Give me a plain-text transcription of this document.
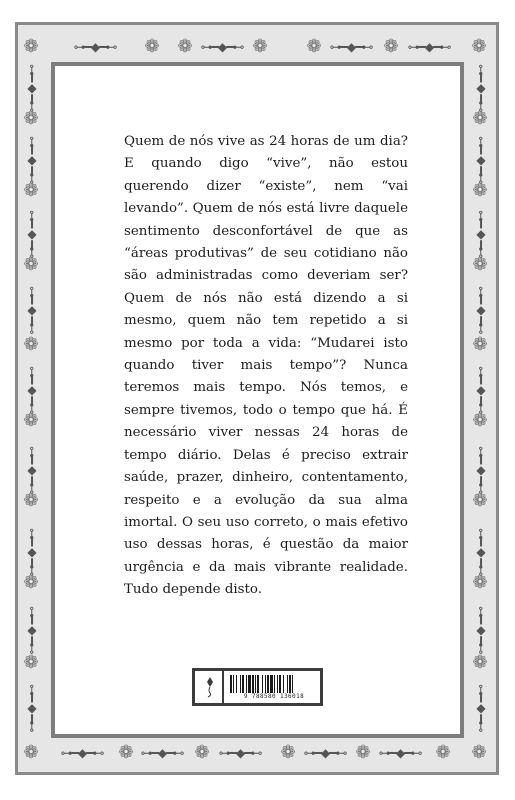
❁	⊶━◆━⊷ ❁ ❁ ⊶━◆━⊷ ❁ ❁ ⊶━◆━⊷ ❁ ⊶━◆━⊷ ❁
❁ ⊶━◆━⊷ ❁ ⊶━◆━⊷ ❁ ⊶━◆━⊷ ❁ ⊶━◆━⊷ ❁ ⊶━◆━⊷ ❁ ❁
⊶━◆━⊷
❁
⊶━◆━⊷
❁
⊶━◆━⊷
❁
⊶━◆━⊷
❁
⊶━◆━⊷
❁
⊶━◆━⊷
❁
⊶━◆━⊷
❁
⊶━◆━⊷
❁
⊶━◆━⊷
⊶━◆━⊷
❁
⊶━◆━⊷
❁
⊶━◆━⊷
❁
⊶━◆━⊷
❁
⊶━◆━⊷
❁
⊶━◆━⊷
❁
⊶━◆━⊷
❁
⊶━◆━⊷
❁
⊶━◆━⊷

Quem de nós vive as 24 horas de um dia? E quando digo “vive”, não estou querendo dizer “existe”, nem “vai levando”. Quem de nós está livre daquele sentimento desconfortável de que as “áreas produtivas” de seu cotidiano não são administradas como deveriam ser? Quem de nós não está dizendo a si mesmo, quem não tem repetido a si mesmo por toda a vida: “Mudarei isto quando tiver mais tempo”? Nunca teremos mais tempo. Nós temos, e sempre tivemos, todo o tempo que há. É necessário viver nessas 24 horas de tempo diário. Delas é preciso extrair saúde, prazer, dinheiro, contentamento, respeito e a evolução da sua alma imortal. O seu uso correto, o mais efetivo uso dessas horas, é questão da maior urgência e da mais vibrante realidade. Tudo depende disto.

9 788580 136018
